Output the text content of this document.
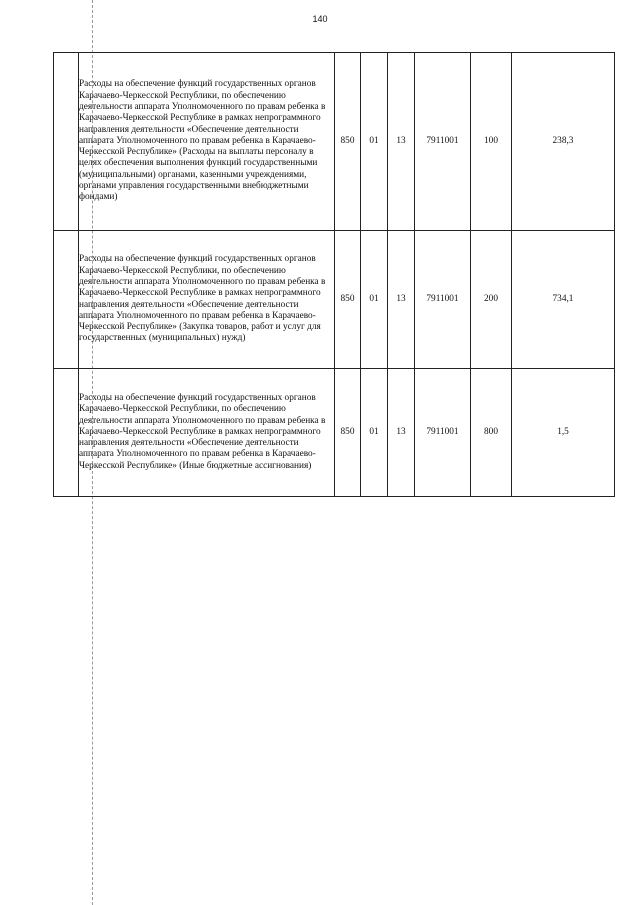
140

	Расходы на обеспечение функций государственных органов Карачаево-Черкесской Республики, по обеспечению деятельности аппарата Уполномоченного по правам ребенка в Карачаево-Черкесской Республике в рамках непрограммного направления деятельности «Обеспечение деятельности аппарата Уполномоченного по правам ребенка в Карачаево-Черкесской Республике» (Расходы на выплаты персоналу в целях обеспечения выполнения функций государственными (муниципальными) органами, казенными учреждениями, органами управления государственными внебюджетными фондами)	850	01	13	7911001	100	238,3

	Расходы на обеспечение функций государственных органов Карачаево-Черкесской Республики, по обеспечению деятельности аппарата Уполномоченного по правам ребенка в Карачаево-Черкесской Республике в рамках непрограммного направления деятельности «Обеспечение деятельности аппарата Уполномоченного по правам ребенка в Карачаево-Черкесской Республике» (Закупка товаров, работ и услуг для государственных (муниципальных) нужд)	850	01	13	7911001	200	734,1

	Расходы на обеспечение функций государственных органов Карачаево-Черкесской Республики, по обеспечению деятельности аппарата Уполномоченного по правам ребенка в Карачаево-Черкесской Республике в рамках непрограммного направления деятельности «Обеспечение деятельности аппарата Уполномоченного по правам ребенка в Карачаево-Черкесской Республике» (Иные бюджетные ассигнования)	850	01	13	7911001	800	1,5
